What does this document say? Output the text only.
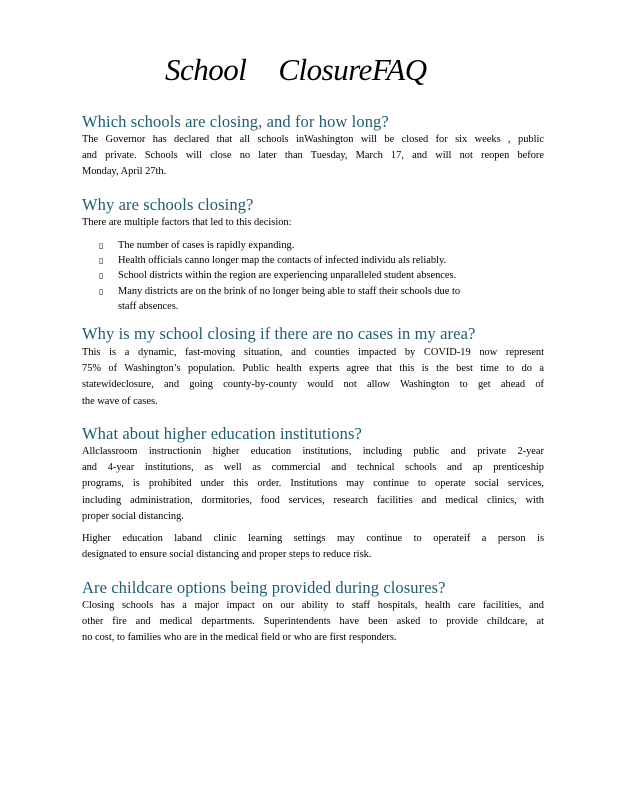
School ClosureFAQ
Which schools are closing, and for how long?
The Governor has declared that all schools inWashington will be closed for six weeks , public
and private. Schools will close no later than Tuesday, March 17, and will not reopen before
Monday, April 27th.
Why are schools closing?
There are multiple factors that led to this decision:
▯ The number of cases is rapidly expanding.
▯ Health officials canno longer map the contacts of infected individu als reliably.
▯ School districts within the region are experiencing unparalleled student absences.
▯ Many districts are on the brink of no longer being able to staff their schools due to
staff absences.
Why is my school closing if there are no cases in my area?
This is a dynamic, fast-moving situation, and counties impacted by COVID-19 now represent
75% of Washington’s population. Public health experts agree that this is the best time to do a
statewideclosure, and going county-by-county would not allow Washington to get ahead of
the wave of cases.
What about higher education institutions?
Allclassroom instructionin higher education institutions, including public and private 2-year
and 4-year institutions, as well as commercial and technical schools and ap prenticeship
programs, is prohibited under this order. Institutions may continue to operate social services,
including administration, dormitories, food services, research facilities and medical clinics, with
proper social distancing.
Higher education laband clinic learning settings may continue to operateif a person is
designated to ensure social distancing and proper steps to reduce risk.
Are childcare options being provided during closures?
Closing schools has a major impact on our ability to staff hospitals, health care facilities, and
other fire and medical departments. Superintendents have been asked to provide childcare, at
no cost, to families who are in the medical field or who are first responders.
